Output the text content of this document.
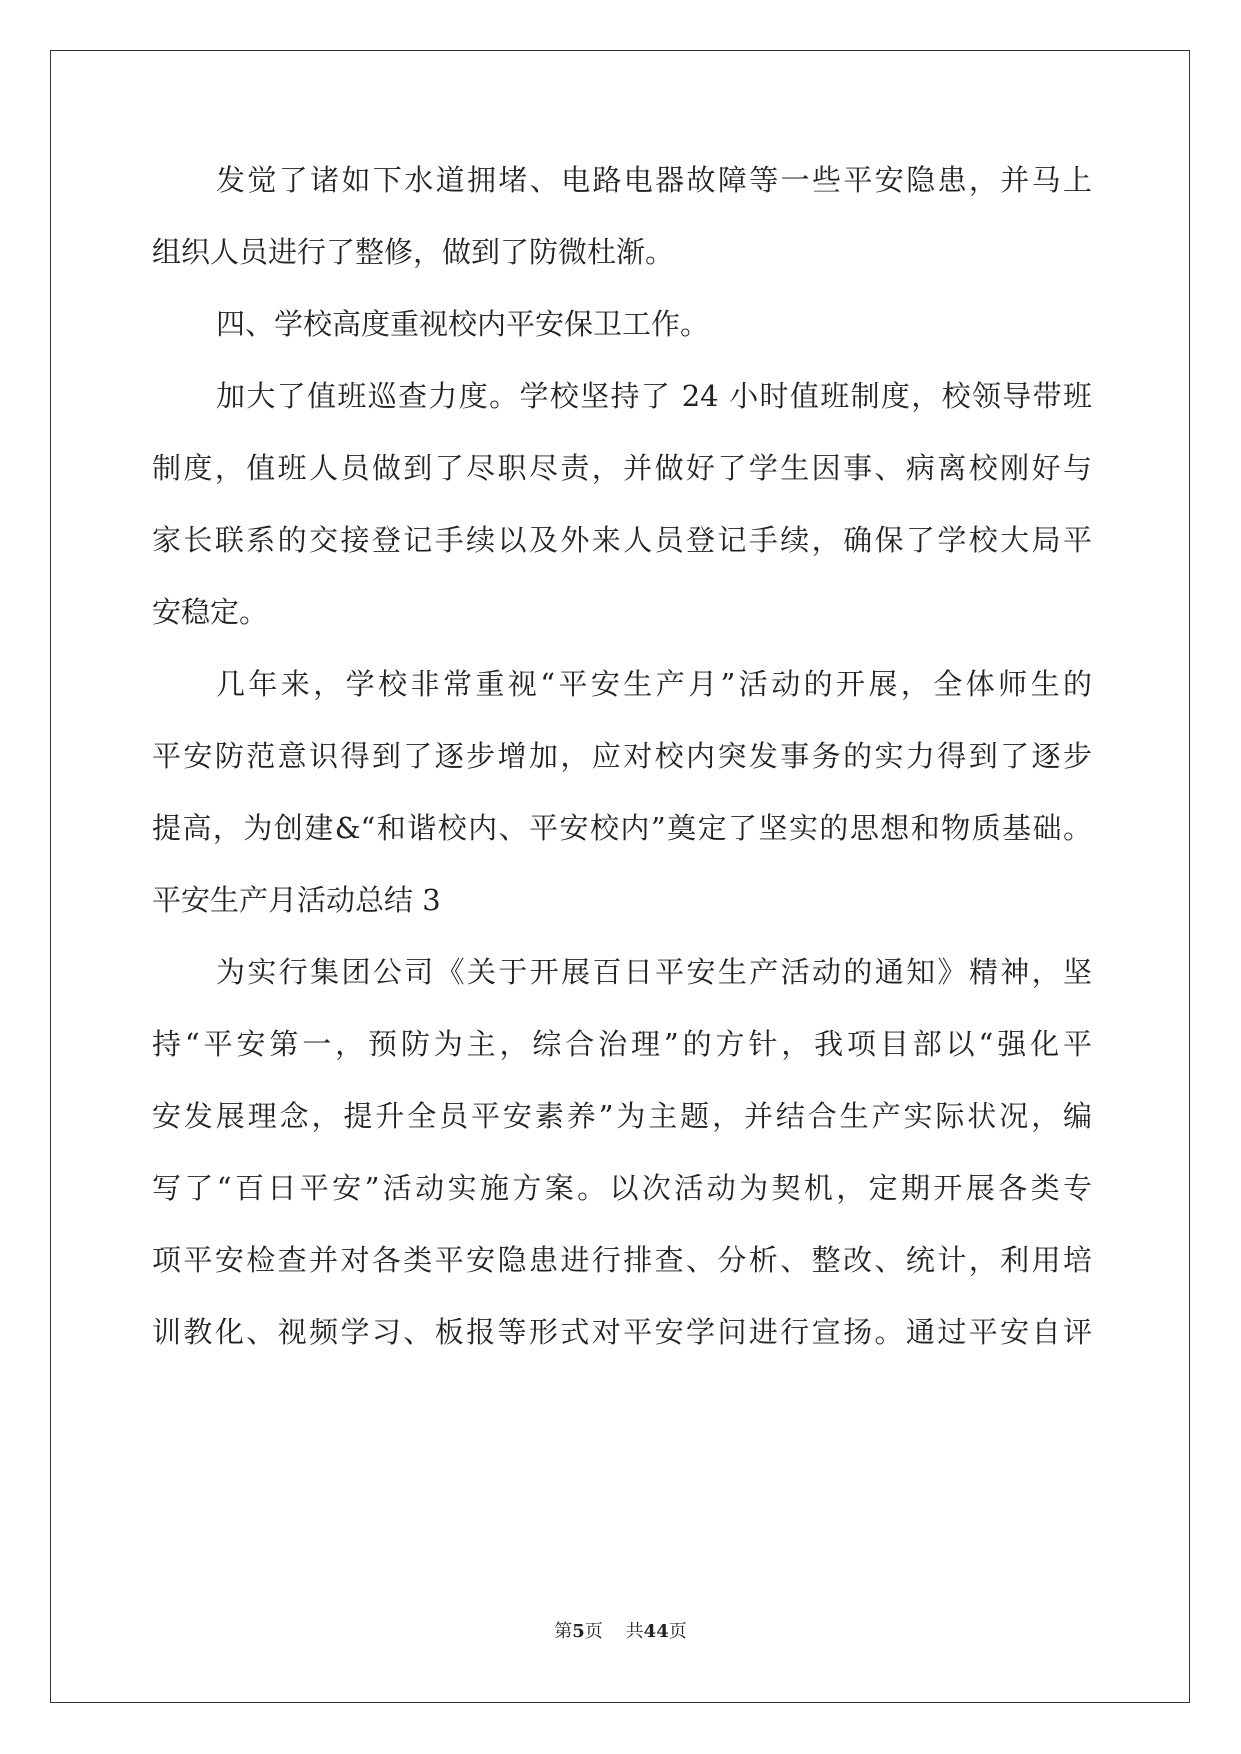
发觉了诸如下水道拥堵、电路电器故障等一些平安隐患，并马上
组织人员进行了整修，做到了防微杜渐。
四、学校高度重视校内平安保卫工作。
加大了值班巡查力度。学校坚持了 24 小时值班制度，校领导带班
制度，值班人员做到了尽职尽责，并做好了学生因事、病离校刚好与
家长联系的交接登记手续以及外来人员登记手续，确保了学校大局平
安稳定。
几年来，学校非常重视“平安生产月”活动的开展，全体师生的
平安防范意识得到了逐步增加，应对校内突发事务的实力得到了逐步
提高，为创建&“和谐校内、平安校内”奠定了坚实的思想和物质基础。
平安生产月活动总结 3
为实行集团公司《关于开展百日平安生产活动的通知》精神，坚
持“平安第一，预防为主，综合治理”的方针，我项目部以“强化平
安发展理念，提升全员平安素养”为主题，并结合生产实际状况，编
写了“百日平安”活动实施方案。以次活动为契机，定期开展各类专
项平安检查并对各类平安隐患进行排查、分析、整改、统计，利用培
训教化、视频学习、板报等形式对平安学问进行宣扬。通过平安自评
第5页 共44页
